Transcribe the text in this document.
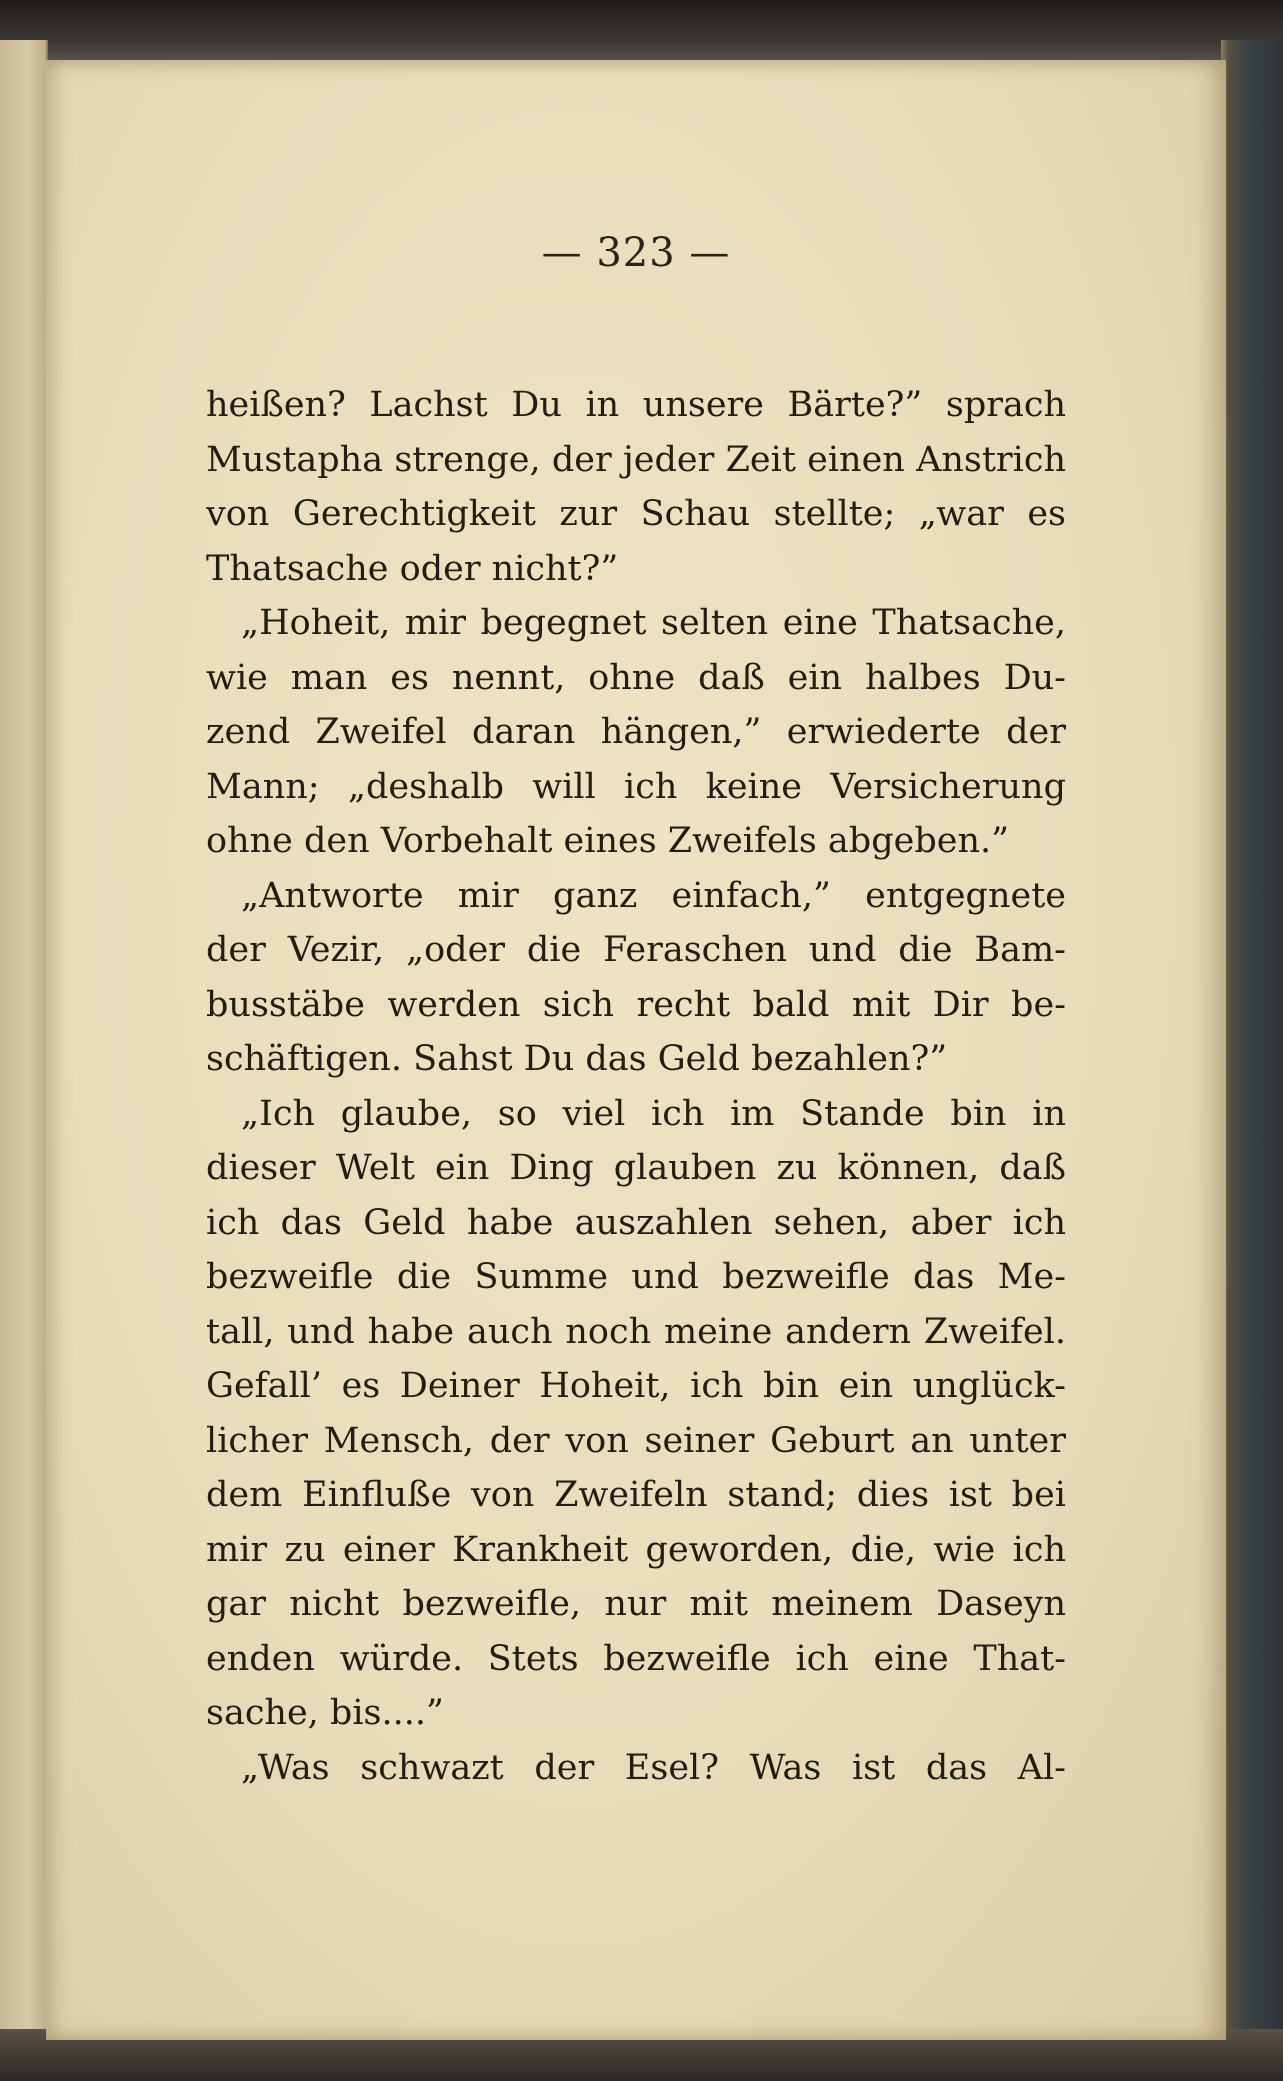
— 323 —
heißen? Lachst Du in unsere Bärte?” sprach
Mustapha strenge, der jeder Zeit einen Anstrich
von Gerechtigkeit zur Schau stellte; „war es
Thatsache oder nicht?”
„Hoheit, mir begegnet selten eine Thatsache,
wie man es nennt, ohne daß ein halbes Du-
zend Zweifel daran hängen,” erwiederte der
Mann; „deshalb will ich keine Versicherung
ohne den Vorbehalt eines Zweifels abgeben.”
„Antworte mir ganz einfach,” entgegnete
der Vezir, „oder die Feraschen und die Bam-
busstäbe werden sich recht bald mit Dir be-
schäftigen. Sahst Du das Geld bezahlen?”
„Ich glaube, so viel ich im Stande bin in
dieser Welt ein Ding glauben zu können, daß
ich das Geld habe auszahlen sehen, aber ich
bezweifle die Summe und bezweifle das Me-
tall, und habe auch noch meine andern Zweifel.
Gefall’ es Deiner Hoheit, ich bin ein unglück-
licher Mensch, der von seiner Geburt an unter
dem Einfluße von Zweifeln stand; dies ist bei
mir zu einer Krankheit geworden, die, wie ich
gar nicht bezweifle, nur mit meinem Daseyn
enden würde. Stets bezweifle ich eine That-
sache, bis....”
„Was schwazt der Esel? Was ist das Al-
